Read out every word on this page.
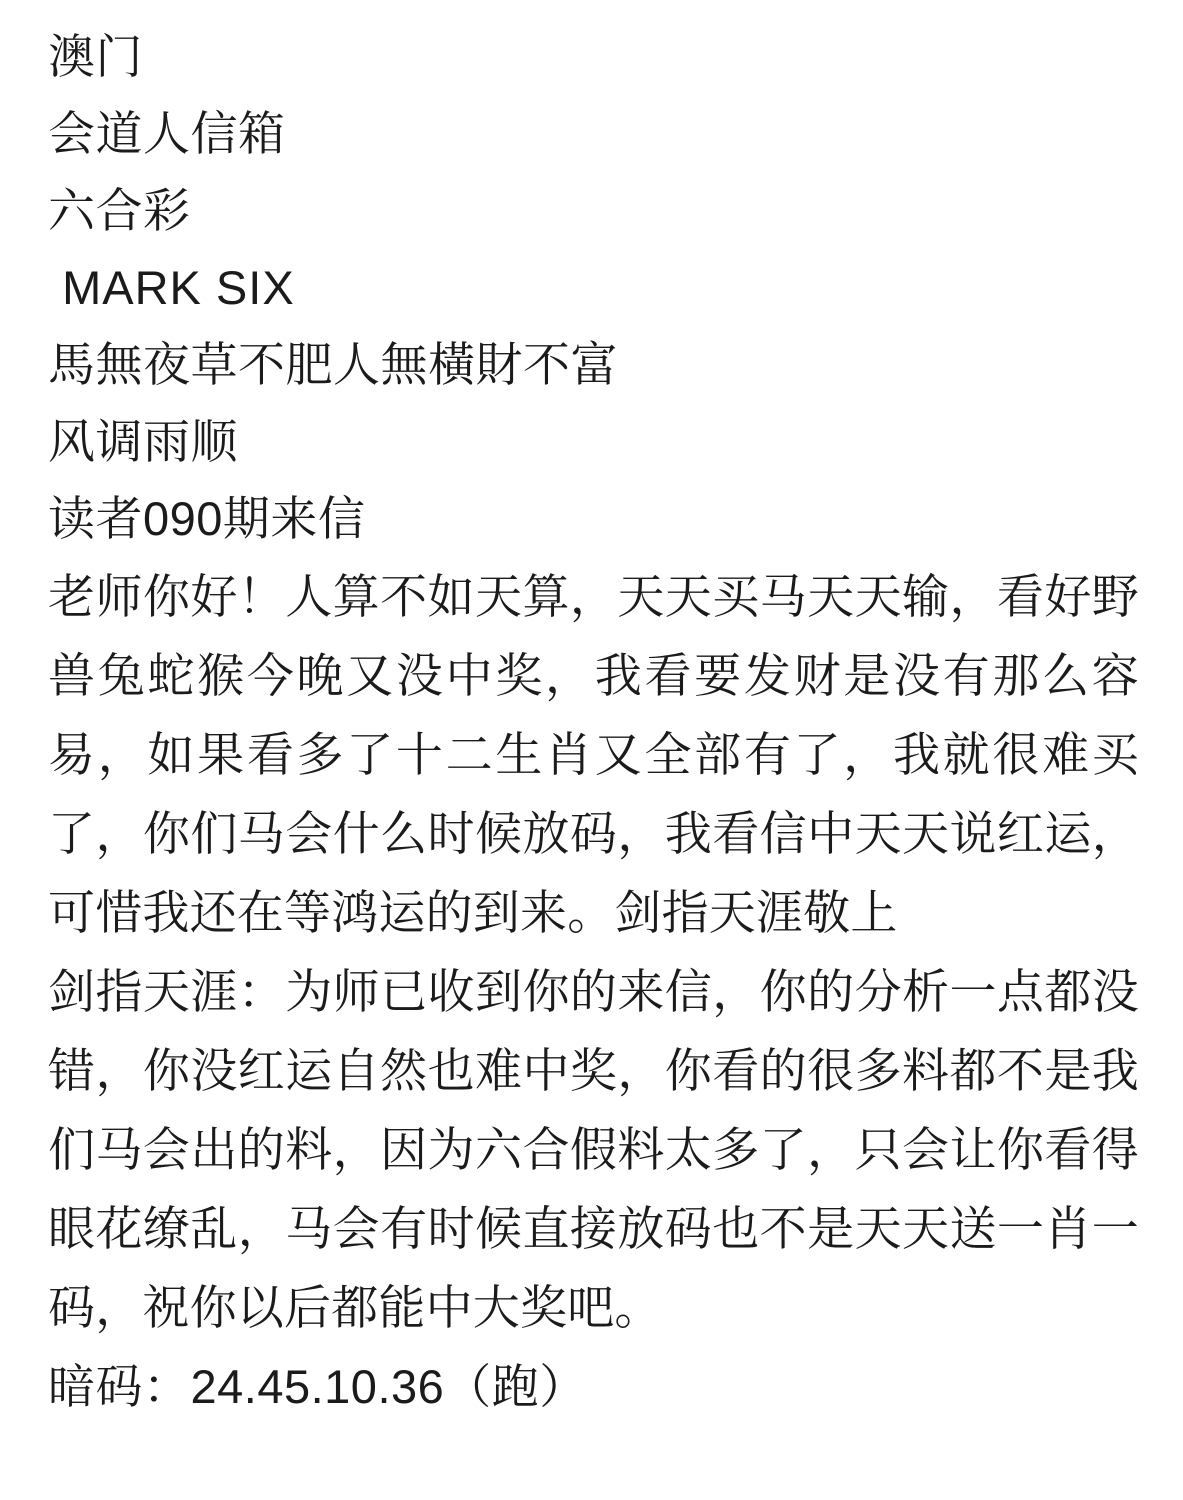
澳门
会道人信箱
六合彩
MARK SIX
馬無夜草不肥人無橫財不富
风调雨顺
读者090期来信
老师你好！人算不如天算，天天买马天天输，看好野兽兔蛇猴今晚又没中奖，我看要发财是没有那么容易，如果看多了十二生肖又全部有了，我就很难买了，你们马会什么时候放码，我看信中天天说红运，可惜我还在等鸿运的到来。剑指天涯敬上
剑指天涯：为师已收到你的来信，你的分析一点都没错，你没红运自然也难中奖，你看的很多料都不是我们马会出的料，因为六合假料太多了，只会让你看得眼花缭乱，马会有时候直接放码也不是天天送一肖一码，祝你以后都能中大奖吧。
暗码：24.45.10.36（跑）
